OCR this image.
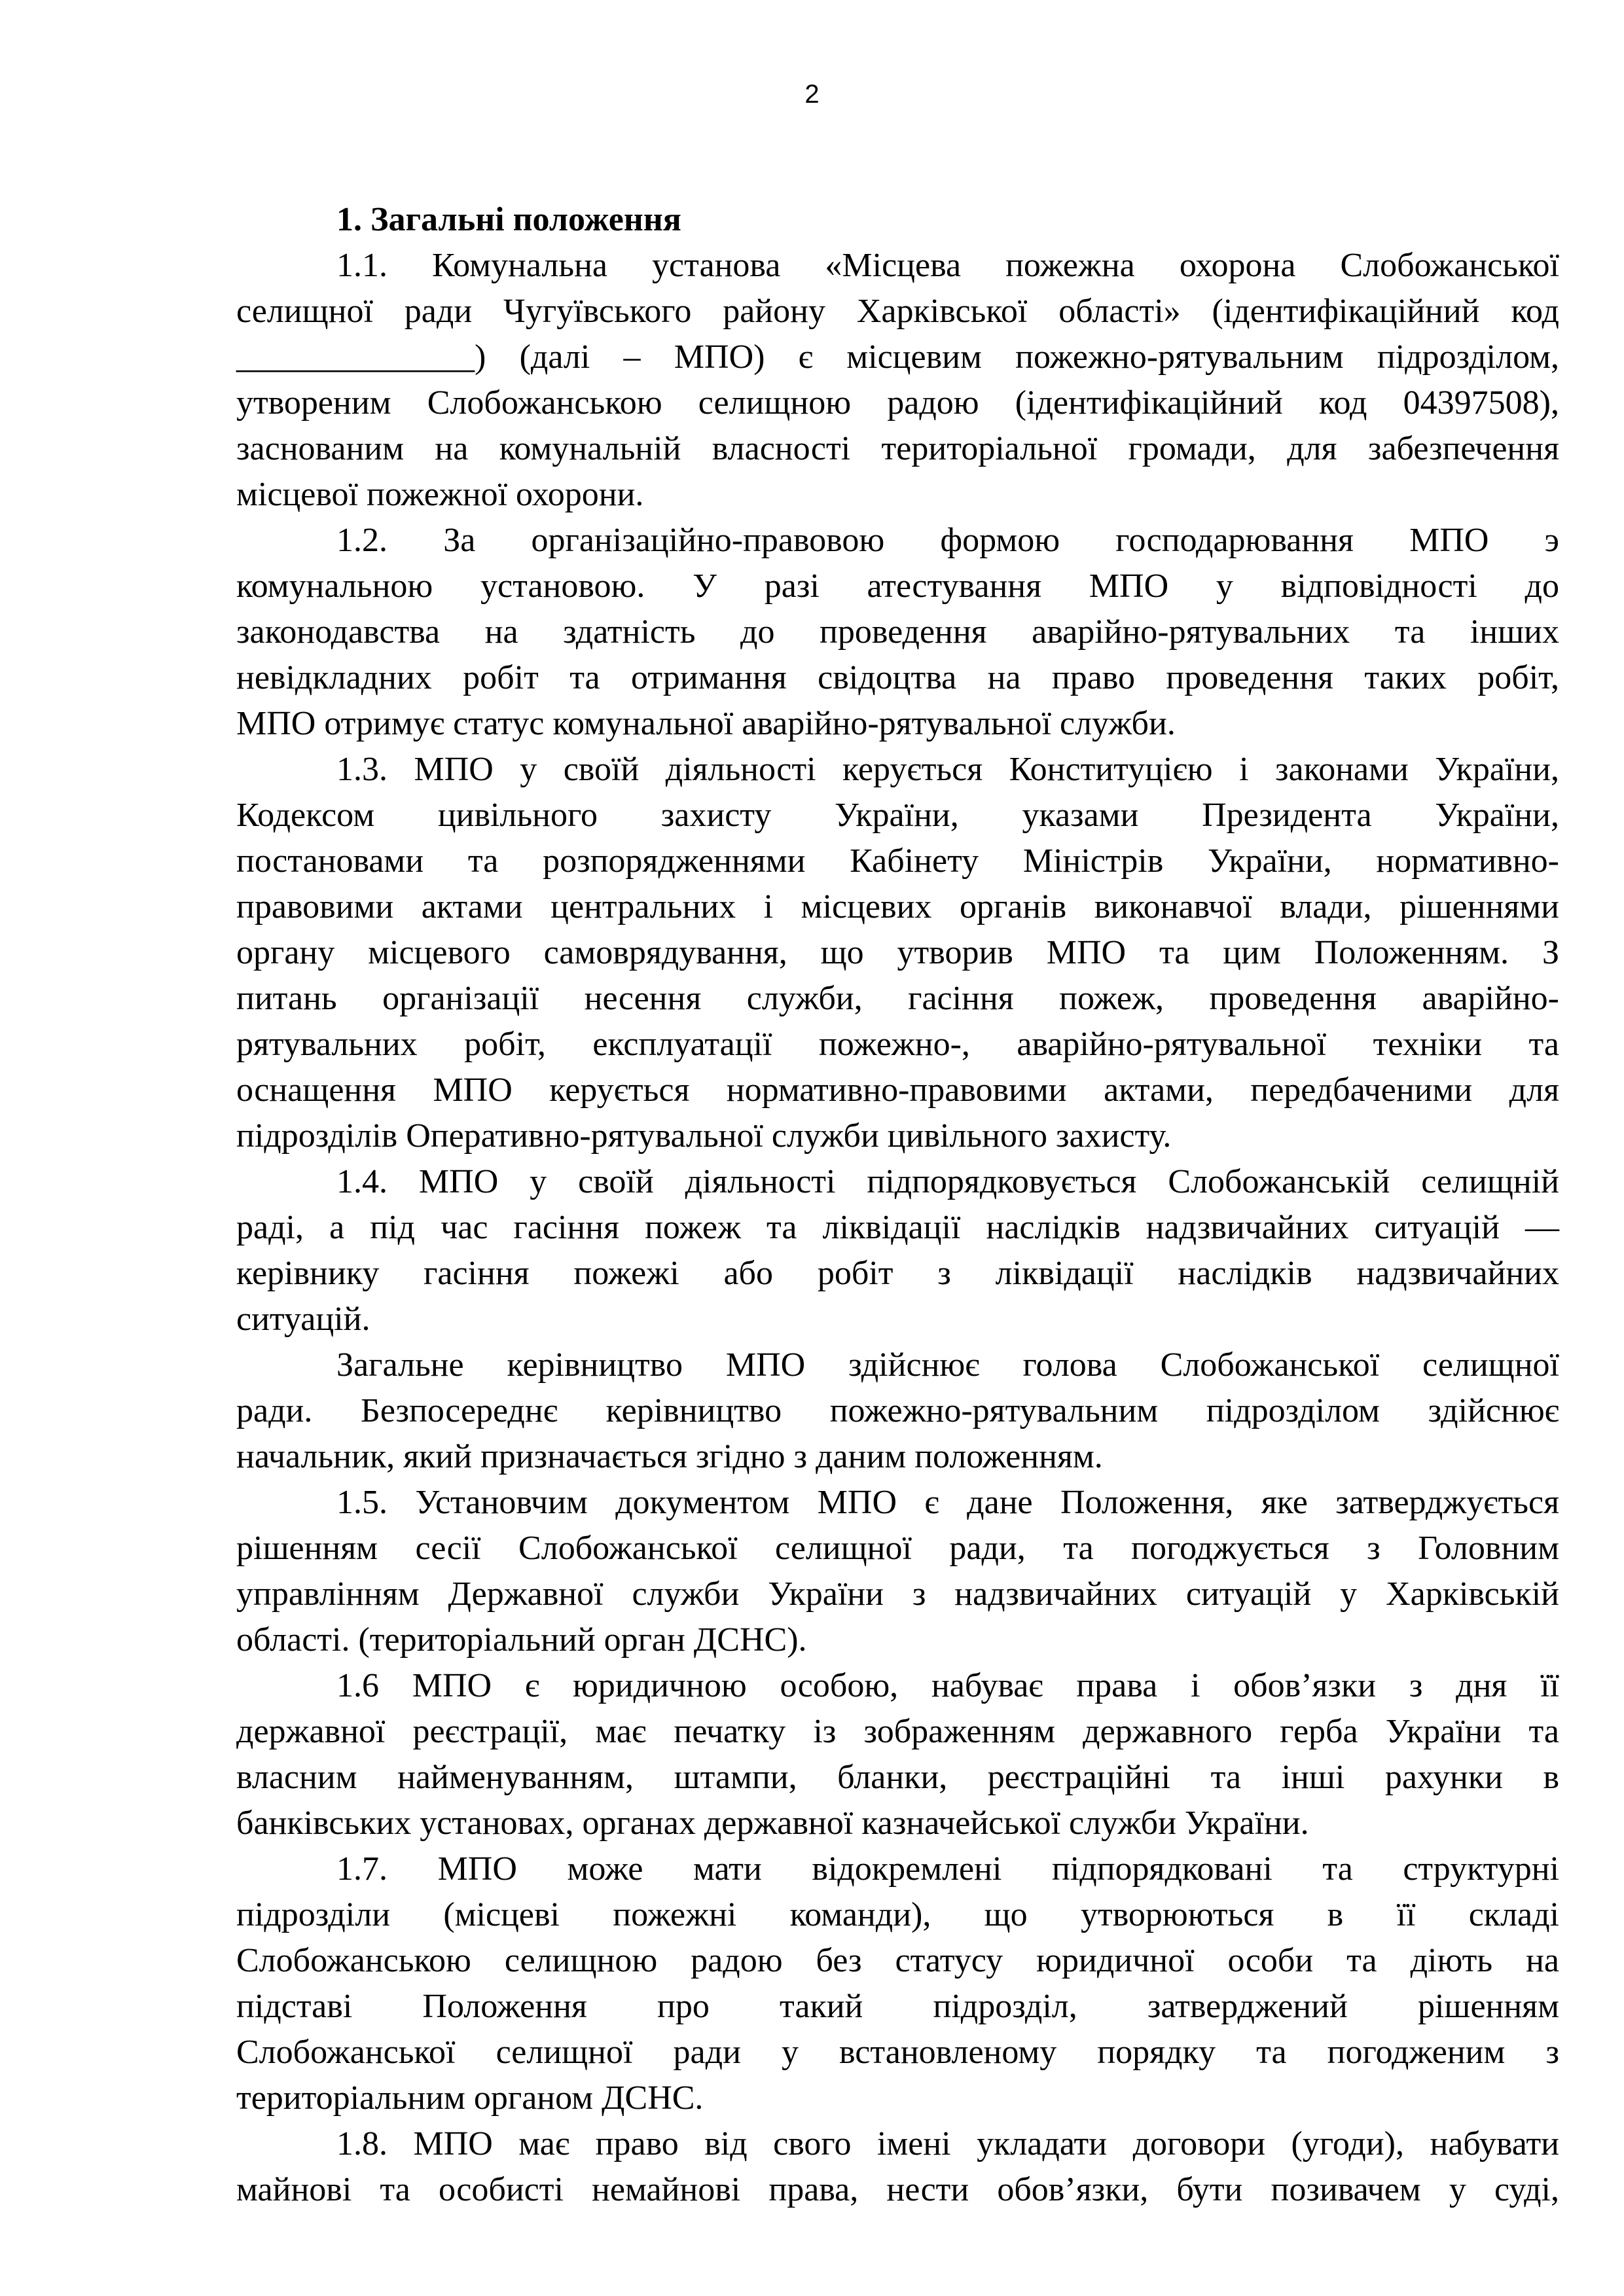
2
1. Загальні положення
1.1. Комунальна установа «Місцева пожежна охорона Слобожанської
селищної ради Чугуївського району Харківської області» (ідентифікаційний код
______________) (далі – МПО) є місцевим пожежно-рятувальним підрозділом,
утвореним Слобожанською селищною радою (ідентифікаційний код 04397508),
заснованим на комунальній власності територіальної громади, для забезпечення
місцевої пожежної охорони.
1.2. За організаційно-правовою формою господарювання МПО э
комунальною установою. У разі атестування МПО у відповідності до
законодавства на здатність до проведення аварійно-рятувальних та інших
невідкладних робіт та отримання свідоцтва на право проведення таких робіт,
МПО отримує статус комунальної аварійно-рятувальної служби.
1.3. МПО у своїй діяльності керується Конституцією і законами України,
Кодексом цивільного захисту України, указами Президента України,
постановами та розпорядженнями Кабінету Міністрів України, нормативно-
правовими актами центральних і місцевих органів виконавчої влади, рішеннями
органу місцевого самоврядування, що утворив МПО та цим Положенням. З
питань організації несення служби, гасіння пожеж, проведення аварійно-
рятувальних робіт, експлуатації пожежно-, аварійно-рятувальної техніки та
оснащення МПО керується нормативно-правовими актами, передбаченими для
підрозділів Оперативно-рятувальної служби цивільного захисту.
1.4. МПО у своїй діяльності підпорядковується Слобожанській селищній
раді, а під час гасіння пожеж та ліквідації наслідків надзвичайних ситуацій —
керівнику гасіння пожежі або робіт з ліквідації наслідків надзвичайних
ситуацій.
Загальне керівництво МПО здійснює голова Слобожанської селищної
ради. Безпосереднє керівництво пожежно-рятувальним підрозділом здійснює
начальник, який призначається згідно з даним положенням.
1.5. Установчим документом МПО є дане Положення, яке затверджується
рішенням сесії Слобожанської селищної ради, та погоджується з Головним
управлінням Державної служби України з надзвичайних ситуацій у Харківській
області. (територіальний орган ДСНС).
1.6 МПО є юридичною особою, набуває права і обов’язки з дня її
державної реєстрації, має печатку із зображенням державного герба України та
власним найменуванням, штампи, бланки, реєстраційні та інші рахунки в
банківських установах, органах державної казначейської служби України.
1.7. МПО може мати відокремлені підпорядковані та структурні
підрозділи (місцеві пожежні команди), що утворюються в її складі
Слобожанською селищною радою без статусу юридичної особи та діють на
підставі Положення про такий підрозділ, затверджений рішенням
Слобожанської селищної ради у встановленому порядку та погодженим з
територіальним органом ДСНС.
1.8. МПО має право від свого імені укладати договори (угоди), набувати
майнові та особисті немайнові права, нести обов’язки, бути позивачем у суді,
